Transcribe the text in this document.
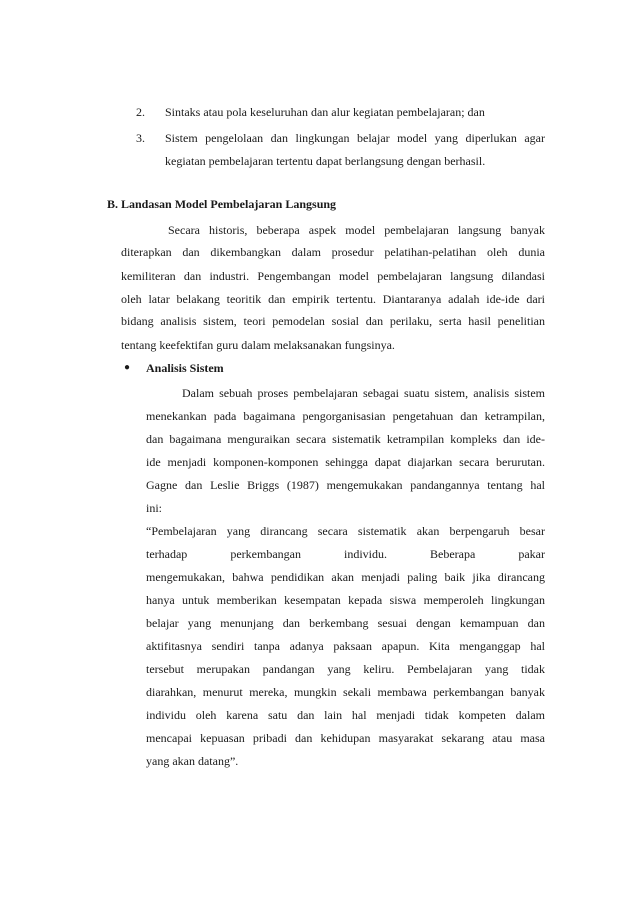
2. Sintaks atau pola keseluruhan dan alur kegiatan pembelajaran; dan
3. Sistem pengelolaan dan lingkungan belajar model yang diperlukan agar
kegiatan pembelajaran tertentu dapat berlangsung dengan berhasil.
B. Landasan Model Pembelajaran Langsung
Secara historis, beberapa aspek model pembelajaran langsung banyak
diterapkan dan dikembangkan dalam prosedur pelatihan-pelatihan oleh dunia
kemiliteran dan industri. Pengembangan model pembelajaran langsung dilandasi
oleh latar belakang teoritik dan empirik tertentu. Diantaranya adalah ide-ide dari
bidang analisis sistem, teori pemodelan sosial dan perilaku, serta hasil penelitian
tentang keefektifan guru dalam melaksanakan fungsinya.
● Analisis Sistem
Dalam sebuah proses pembelajaran sebagai suatu sistem, analisis sistem
menekankan pada bagaimana pengorganisasian pengetahuan dan ketrampilan,
dan bagaimana menguraikan secara sistematik ketrampilan kompleks dan ide-
ide menjadi komponen-komponen sehingga dapat diajarkan secara berurutan.
Gagne dan Leslie Briggs (1987) mengemukakan pandangannya tentang hal
ini:
“Pembelajaran yang dirancang secara sistematik akan berpengaruh besar
terhadap perkembangan individu. Beberapa pakar
mengemukakan, bahwa pendidikan akan menjadi paling baik jika dirancang
hanya untuk memberikan kesempatan kepada siswa memperoleh lingkungan
belajar yang menunjang dan berkembang sesuai dengan kemampuan dan
aktifitasnya sendiri tanpa adanya paksaan apapun. Kita menganggap hal
tersebut merupakan pandangan yang keliru. Pembelajaran yang tidak
diarahkan, menurut mereka, mungkin sekali membawa perkembangan banyak
individu oleh karena satu dan lain hal menjadi tidak kompeten dalam
mencapai kepuasan pribadi dan kehidupan masyarakat sekarang atau masa
yang akan datang”.
